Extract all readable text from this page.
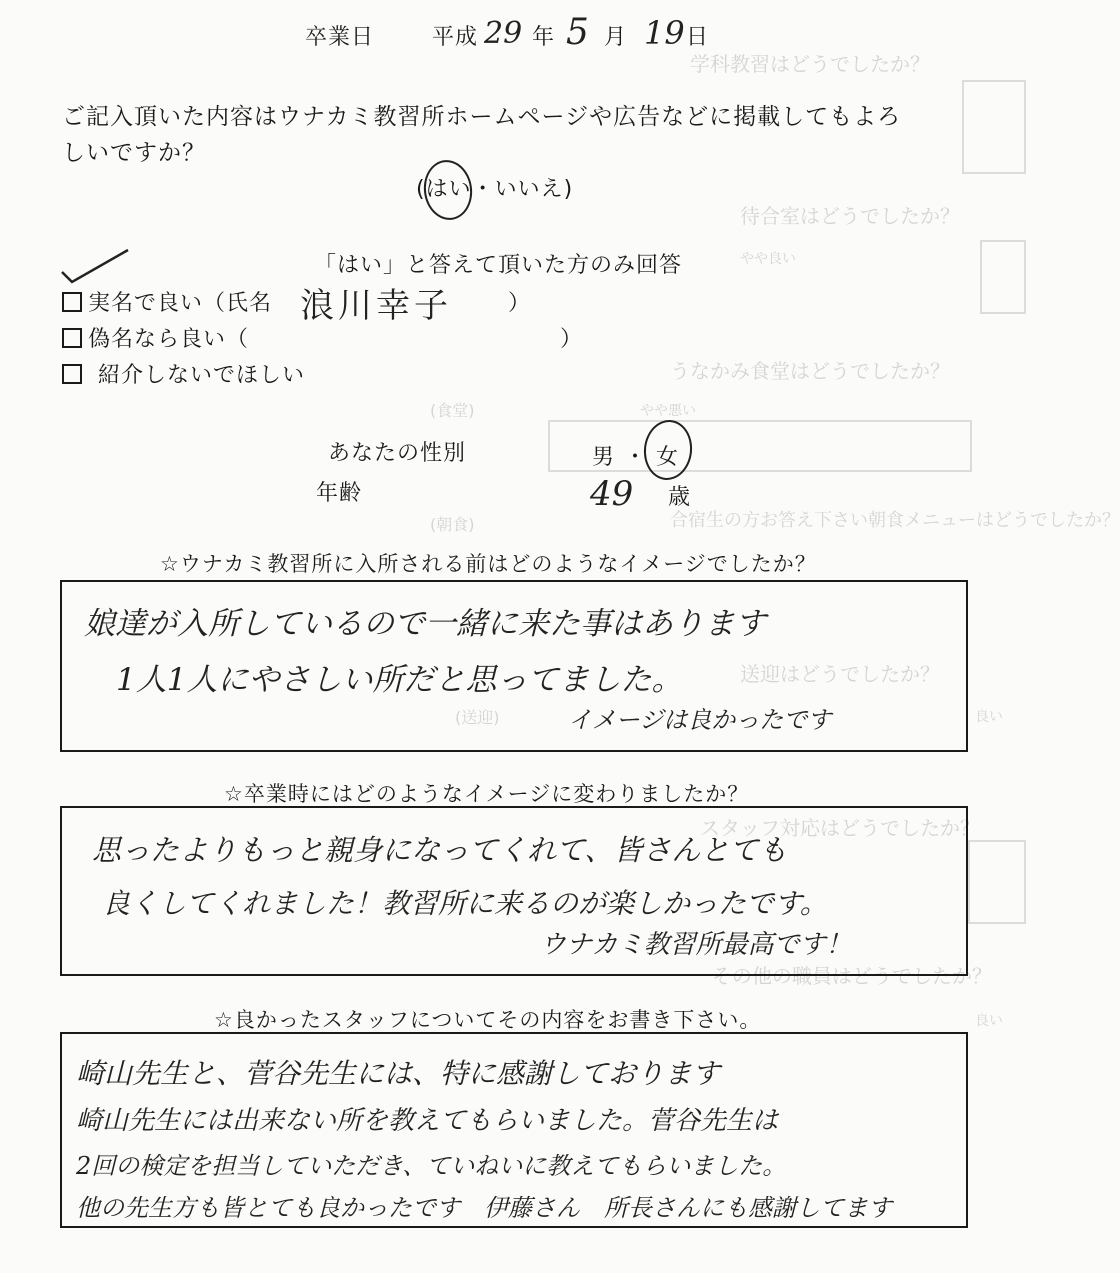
学科教習はどうでしたか？
待合室はどうでしたか？
やや良い
うなかみ食堂はどうでしたか？
(食堂)	やや悪い
合宿生の方お答え下さい朝食メニューはどうでしたか？
(朝食)
送迎はどうでしたか？
(送迎)	良い
スタッフ対応はどうでしたか？
その他の職員はどうでしたか？
良い
卒業日	平成 29 年 5 月 19 日
ご記入頂いた内容はウナカミ教習所ホームページや広告などに掲載してもよろ
しいですか？
(はい・いいえ)
「はい」と答えて頂いた方のみ回答
実名で良い（氏名 浪川幸子	）
偽名なら良い（	）
紹介しないでほしい
あなたの性別	男 ・ 女
年齢	49 歳
☆ウナカミ教習所に入所される前はどのようなイメージでしたか？
娘達が入所しているので一緒に来た事はあります
1人1人にやさしい所だと思ってました。
イメージは良かったです
☆卒業時にはどのようなイメージに変わりましたか？
思ったよりもっと親身になってくれて、皆さんとても
良くしてくれました！教習所に来るのが楽しかったです。
ウナカミ教習所最高です！
☆良かったスタッフについてその内容をお書き下さい。
崎山先生と、菅谷先生には、特に感謝しております
崎山先生には出来ない所を教えてもらいました。菅谷先生は
2回の検定を担当していただき、ていねいに教えてもらいました。
他の先生方も皆とても良かったです　伊藤さん　所長さんにも感謝してます
